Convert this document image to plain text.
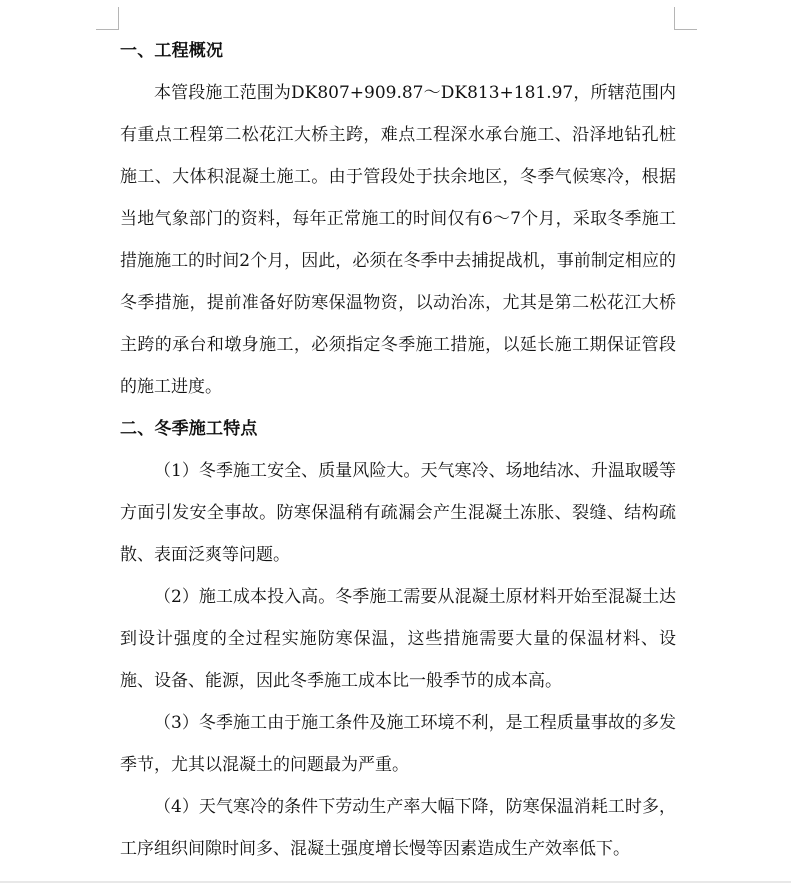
一、工程概况

本管段施工范围为DK807+909.87～DK813+181.97，所辖范围内有重点工程第二松花江大桥主跨，难点工程深水承台施工、沿泽地钻孔桩施工、大体积混凝土施工。由于管段处于扶余地区，冬季气候寒冷，根据当地气象部门的资料，每年正常施工的时间仅有6～7个月，采取冬季施工措施施工的时间2个月，因此，必须在冬季中去捕捉战机，事前制定相应的冬季措施，提前准备好防寒保温物资，以动治冻，尤其是第二松花江大桥主跨的承台和墩身施工，必须指定冬季施工措施，以延长施工期保证管段的施工进度。

二、冬季施工特点

（1）冬季施工安全、质量风险大。天气寒冷、场地结冰、升温取暖等方面引发安全事故。防寒保温稍有疏漏会产生混凝土冻胀、裂缝、结构疏散、表面泛爽等问题。

（2）施工成本投入高。冬季施工需要从混凝土原材料开始至混凝土达到设计强度的全过程实施防寒保温，这些措施需要大量的保温材料、设施、设备、能源，因此冬季施工成本比一般季节的成本高。

（3）冬季施工由于施工条件及施工环境不利，是工程质量事故的多发季节，尤其以混凝土的问题最为严重。

（4）天气寒冷的条件下劳动生产率大幅下降，防寒保温消耗工时多，工序组织间隙时间多、混凝土强度增长慢等因素造成生产效率低下。
